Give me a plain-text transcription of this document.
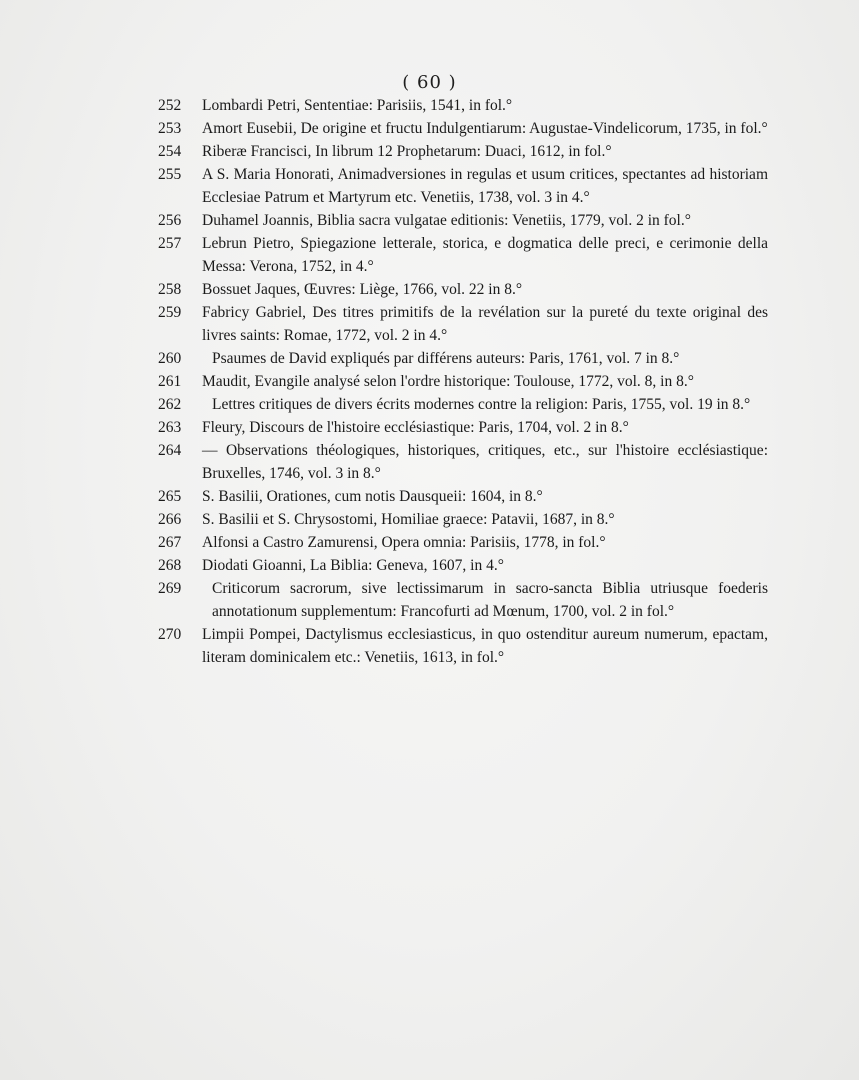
( 60 )
252	Lombardi Petri, Sententiae: Parisiis, 1541, in fol.°
253	Amort Eusebii, De origine et fructu Indulgentiarum: Augustae-Vindelicorum, 1735, in fol.°
254	Riberæ Francisci, In librum 12 Prophetarum: Duaci, 1612, in fol.°
255	A S. Maria Honorati, Animadversiones in regulas et usum critices, spectantes ad historiam Ecclesiae Patrum et Martyrum etc. Venetiis, 1738, vol. 3 in 4.°
256	Duhamel Joannis, Biblia sacra vulgatae editionis: Venetiis, 1779, vol. 2 in fol.°
257	Lebrun Pietro, Spiegazione letterale, storica, e dogmatica delle preci, e cerimonie della Messa: Verona, 1752, in 4.°
258	Bossuet Jaques, Œuvres: Liège, 1766, vol. 22 in 8.°
259	Fabricy Gabriel, Des titres primitifs de la revélation sur la pureté du texte original des livres saints: Romae, 1772, vol. 2 in 4.°
260	Psaumes de David expliqués par différens auteurs: Paris, 1761, vol. 7 in 8.°
261	Maudit, Evangile analysé selon l'ordre historique: Toulouse, 1772, vol. 8, in 8.°
262	Lettres critiques de divers écrits modernes contre la religion: Paris, 1755, vol. 19 in 8.°
263	Fleury, Discours de l'histoire ecclésiastique: Paris, 1704, vol. 2 in 8.°
264	— Observations théologiques, historiques, critiques, etc., sur l'histoire ecclésiastique: Bruxelles, 1746, vol. 3 in 8.°
265	S. Basilii, Orationes, cum notis Dausqueii: 1604, in 8.°
266	S. Basilii et S. Chrysostomi, Homiliae graece: Patavii, 1687, in 8.°
267	Alfonsi a Castro Zamurensi, Opera omnia: Parisiis, 1778, in fol.°
268	Diodati Gioanni, La Biblia: Geneva, 1607, in 4.°
269	Criticorum sacrorum, sive lectissimarum in sacro-sancta Biblia utriusque foederis annotationum supplementum: Francofurti ad Mœnum, 1700, vol. 2 in fol.°
270	Limpii Pompei, Dactylismus ecclesiasticus, in quo ostenditur aureum numerum, epactam, literam dominicalem etc.: Venetiis, 1613, in fol.°
